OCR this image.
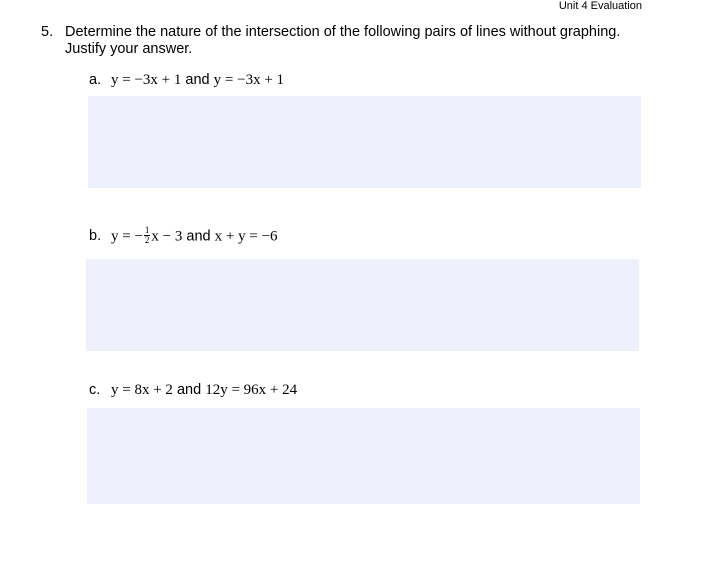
Unit 4 Evaluation
5. Determine the nature of the intersection of the following pairs of lines without graphing. Justify your answer.
a. y = −3x + 1 and y = −3x + 1
b. y = − $\frac{1}{2}$ x − 3 and x + y = −6
c. y = 8x + 2 and 12y = 96x + 24
